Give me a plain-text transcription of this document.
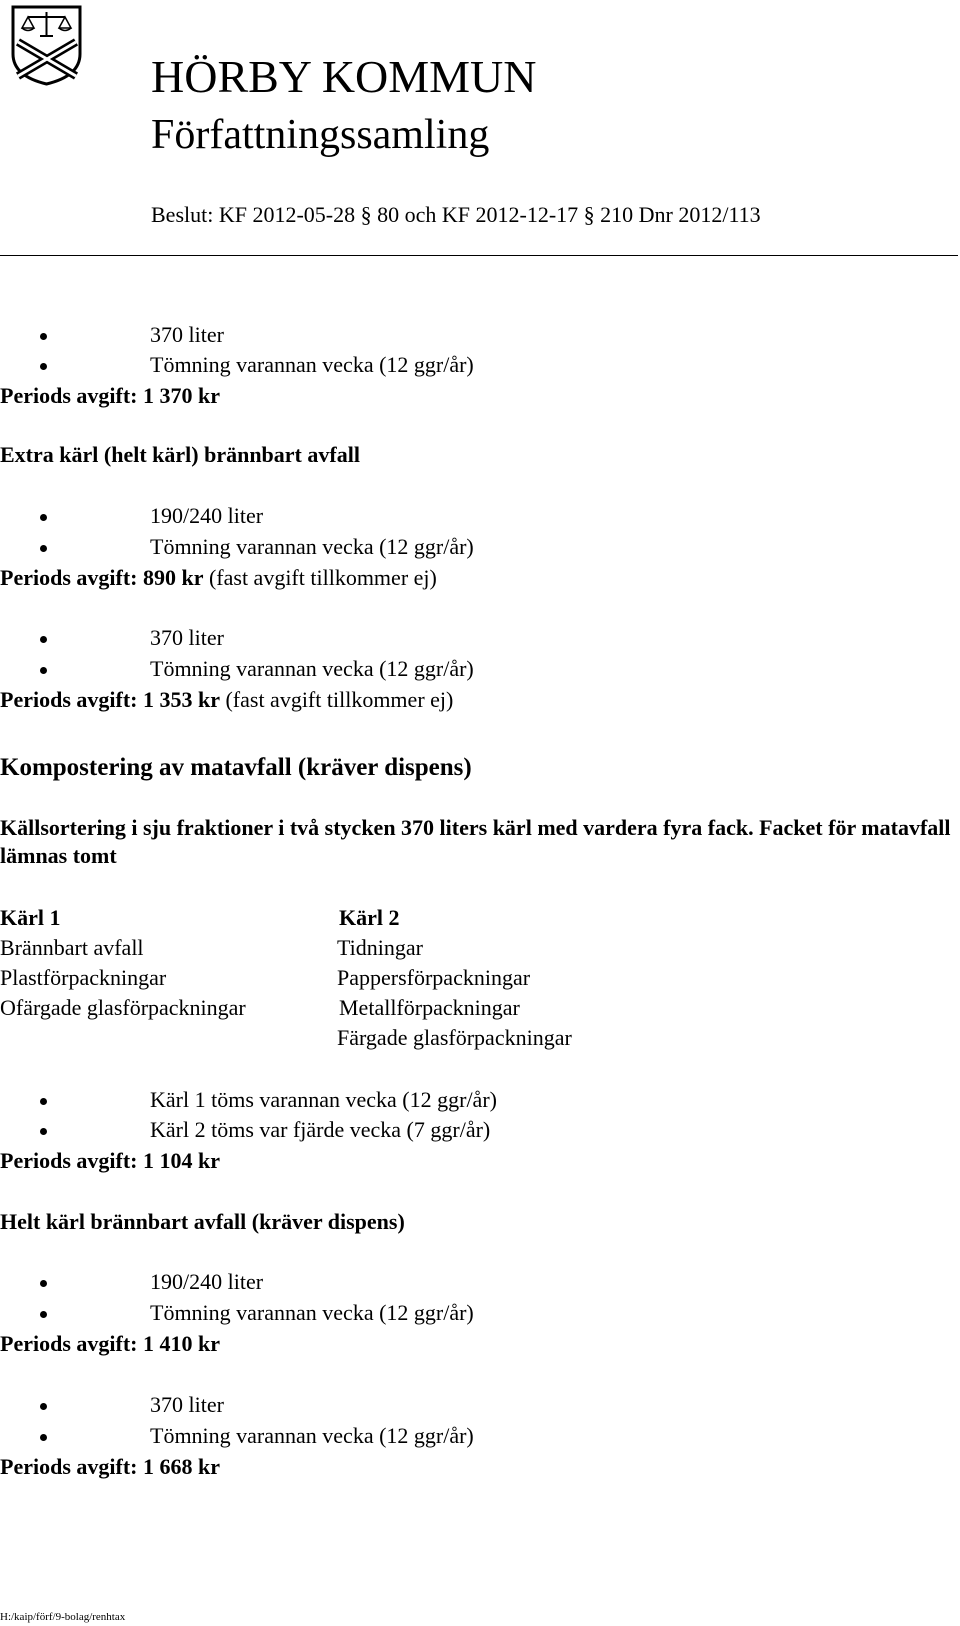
HÖRBY KOMMUN
Författningssamling
Beslut: KF 2012-05-28 § 80 och KF 2012-12-17 § 210 Dnr 2012/113
370 liter
Tömning varannan vecka (12 ggr/år)
Periods avgift: 1 370 kr
Extra kärl (helt kärl) brännbart avfall
190/240 liter
Tömning varannan vecka (12 ggr/år)
Periods avgift: 890 kr (fast avgift tillkommer ej)
370 liter
Tömning varannan vecka (12 ggr/år)
Periods avgift: 1 353 kr (fast avgift tillkommer ej)
Kompostering av matavfall (kräver dispens)
Källsortering i sju fraktioner i två stycken 370 liters kärl med vardera fyra fack. Facket för matavfall lämnas tomt
Kärl 1
Brännbart avfall
Plastförpackningar
Ofärgade glasförpackningar
Kärl 2
Tidningar
Pappersförpackningar
Metallförpackningar
Färgade glasförpackningar
Kärl 1 töms varannan vecka (12 ggr/år)
Kärl 2 töms var fjärde vecka (7 ggr/år)
Periods avgift: 1 104 kr
Helt kärl brännbart avfall (kräver dispens)
190/240 liter
Tömning varannan vecka (12 ggr/år)
Periods avgift: 1 410 kr
370 liter
Tömning varannan vecka (12 ggr/år)
Periods avgift: 1 668 kr
H:/kaip/förf/9-bolag/renhtax
